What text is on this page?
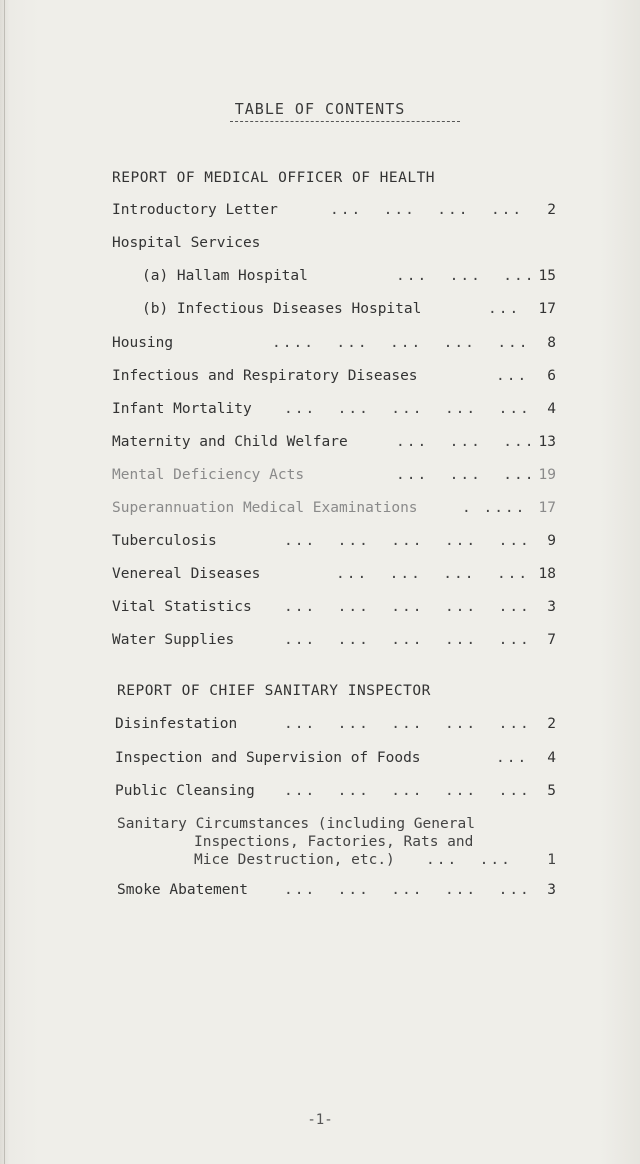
TABLE OF CONTENTS
REPORT OF MEDICAL OFFICER OF HEALTH
Introductory Letter	...  ...  ...  ... 2
Hospital Services
(a) Hallam Hospital	...  ...  ... 15
(b) Infectious Diseases Hospital	... 17
Housing	....  ...  ...  ...  ... 8
Infectious and Respiratory Diseases	... 6
Infant Mortality ...  ...  ...  ...  ... 4
Maternity and Child Welfare	...  ...  ... 13
Mental Deficiency Acts	...  ...  ... 19
Superannuation Medical Examinations	. .... 17
Tuberculosis	...  ...  ...  ...  ... 9
Venereal Diseases	...  ...  ...  ... 18
Vital Statistics ...  ...  ...  ...  ... 3
Water Supplies	...  ...  ...  ...  ... 7
REPORT OF CHIEF SANITARY INSPECTOR
Disinfestation	...  ...  ...  ...  ... 2
Inspection and Supervision of Foods	... 4
Public Cleansing ...  ...  ...  ...  ... 5
Sanitary Circumstances (including General
Inspections, Factories, Rats and
Mice Destruction, etc.) ...  ... 1
Smoke Abatement ...  ...  ...  ...  ... 3
-1-
